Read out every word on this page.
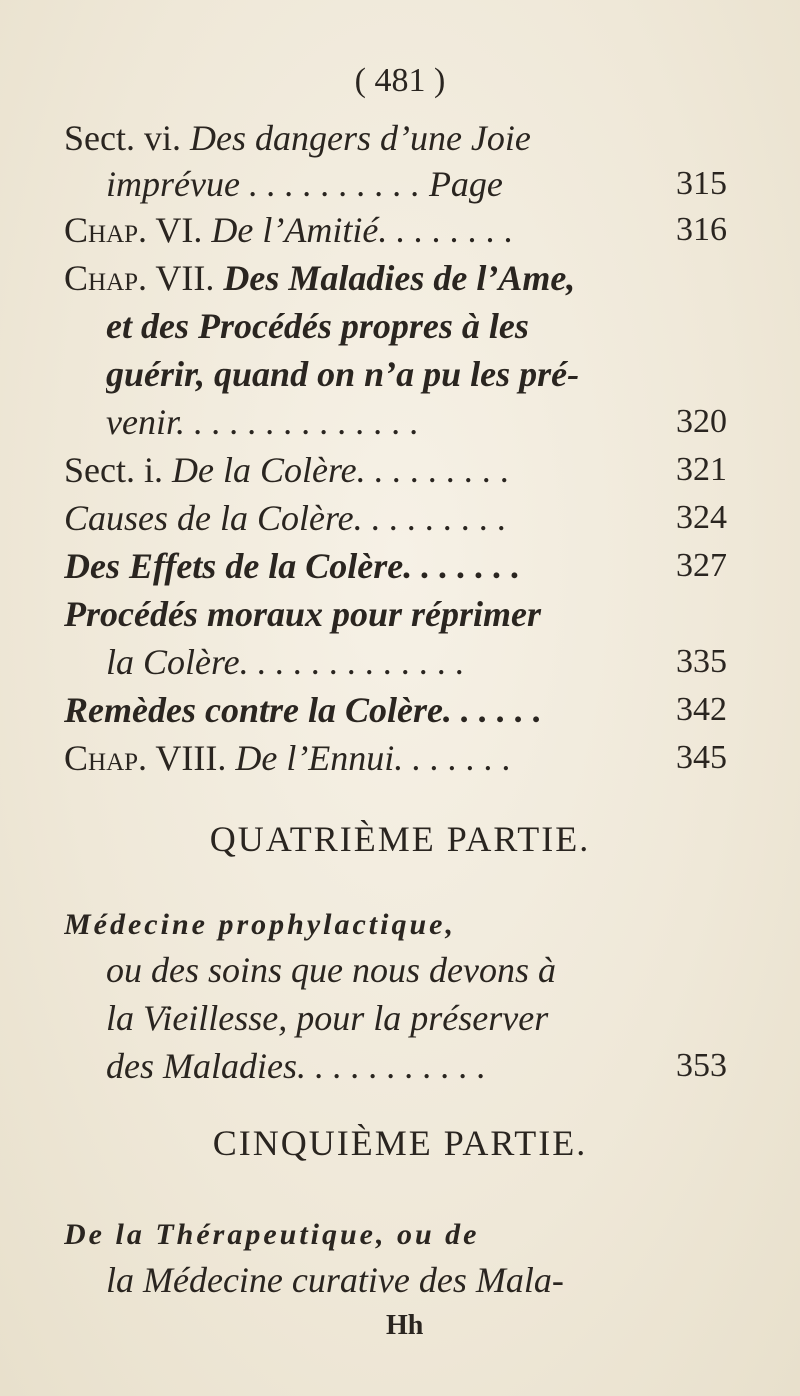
( 481 )
Sect. vi. Des dangers d’une Joie
imprévue . . . . . . . . . . Page	315
Chap. VI. De l’Amitié. . . . . . . .	316
Chap. VII. Des Maladies de l’Ame,
et des Procédés propres à les
guérir, quand on n’a pu les pré-
venir. . . . . . . . . . . . . .	320
Sect. i. De la Colère. . . . . . . . .	321
Causes de la Colère. . . . . . . . .	324
Des Effets de la Colère. . . . . . .	327
Procédés moraux pour réprimer
la Colère. . . . . . . . . . . . .	335
Remèdes contre la Colère. . . . . .	342
Chap. VIII. De l’Ennui. . . . . . .	345
QUATRIÈME PARTIE.
Médecine prophylactique,
ou des soins que nous devons à
la Vieillesse, pour la préserver
des Maladies. . . . . . . . . . .	353
CINQUIÈME PARTIE.
De la Thérapeutique, ou de
la Médecine curative des Mala-
Hh
